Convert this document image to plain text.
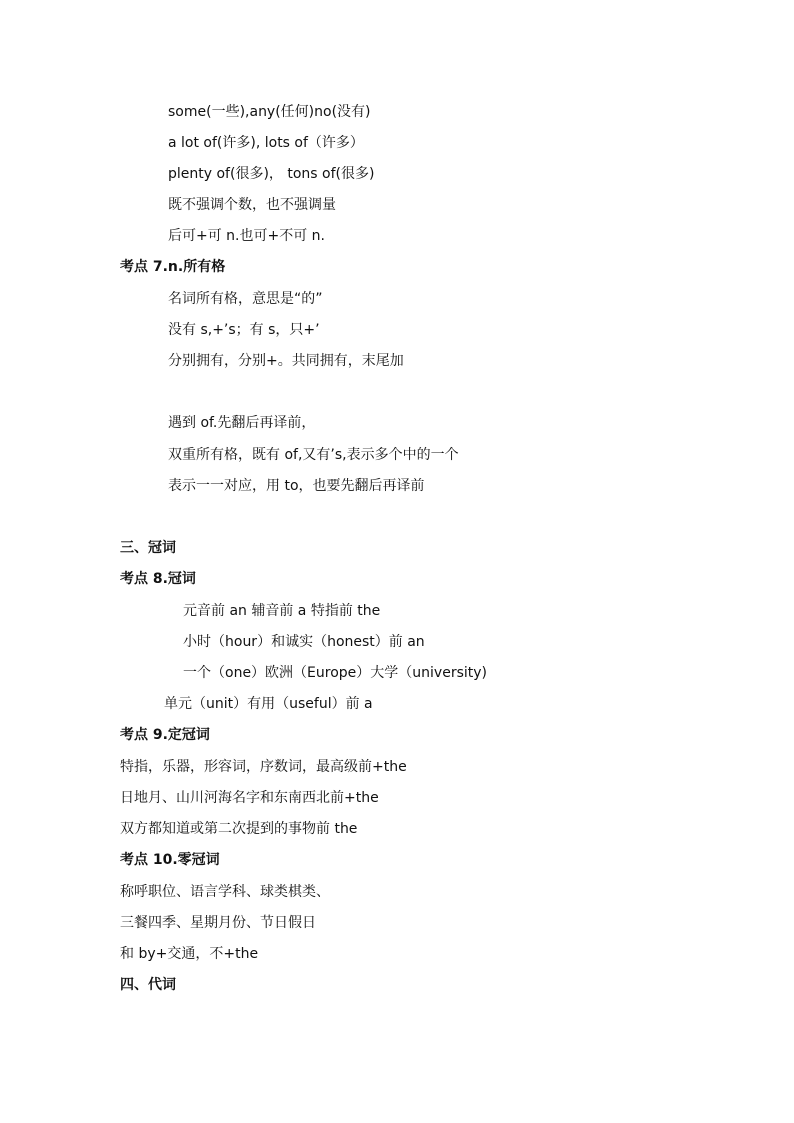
some(一些),any(任何)no(没有)
a lot of(许多), lots of（许多）
plenty of(很多)， tons of(很多)
既不强调个数，也不强调量
后可+可 n.也可+不可 n.
考点 7.n.所有格
名词所有格，意思是“的”
没有 s,+’s；有 s，只+’
分别拥有，分别+。共同拥有，末尾加
遇到 of.先翻后再译前，
双重所有格，既有 of,又有’s,表示多个中的一个
表示一一对应，用 to，也要先翻后再译前
三、冠词
考点 8.冠词
元音前 an 辅音前 a 特指前 the
小时（hour）和诚实（honest）前 an
一个（one）欧洲（Europe）大学（university)
单元（unit）有用（useful）前 a
考点 9.定冠词
特指，乐器，形容词，序数词，最高级前+the
日地月、山川河海名字和东南西北前+the
双方都知道或第二次提到的事物前 the
考点 10.零冠词
称呼职位、语言学科、球类棋类、
三餐四季、星期月份、节日假日
和 by+交通，不+the
四、代词
